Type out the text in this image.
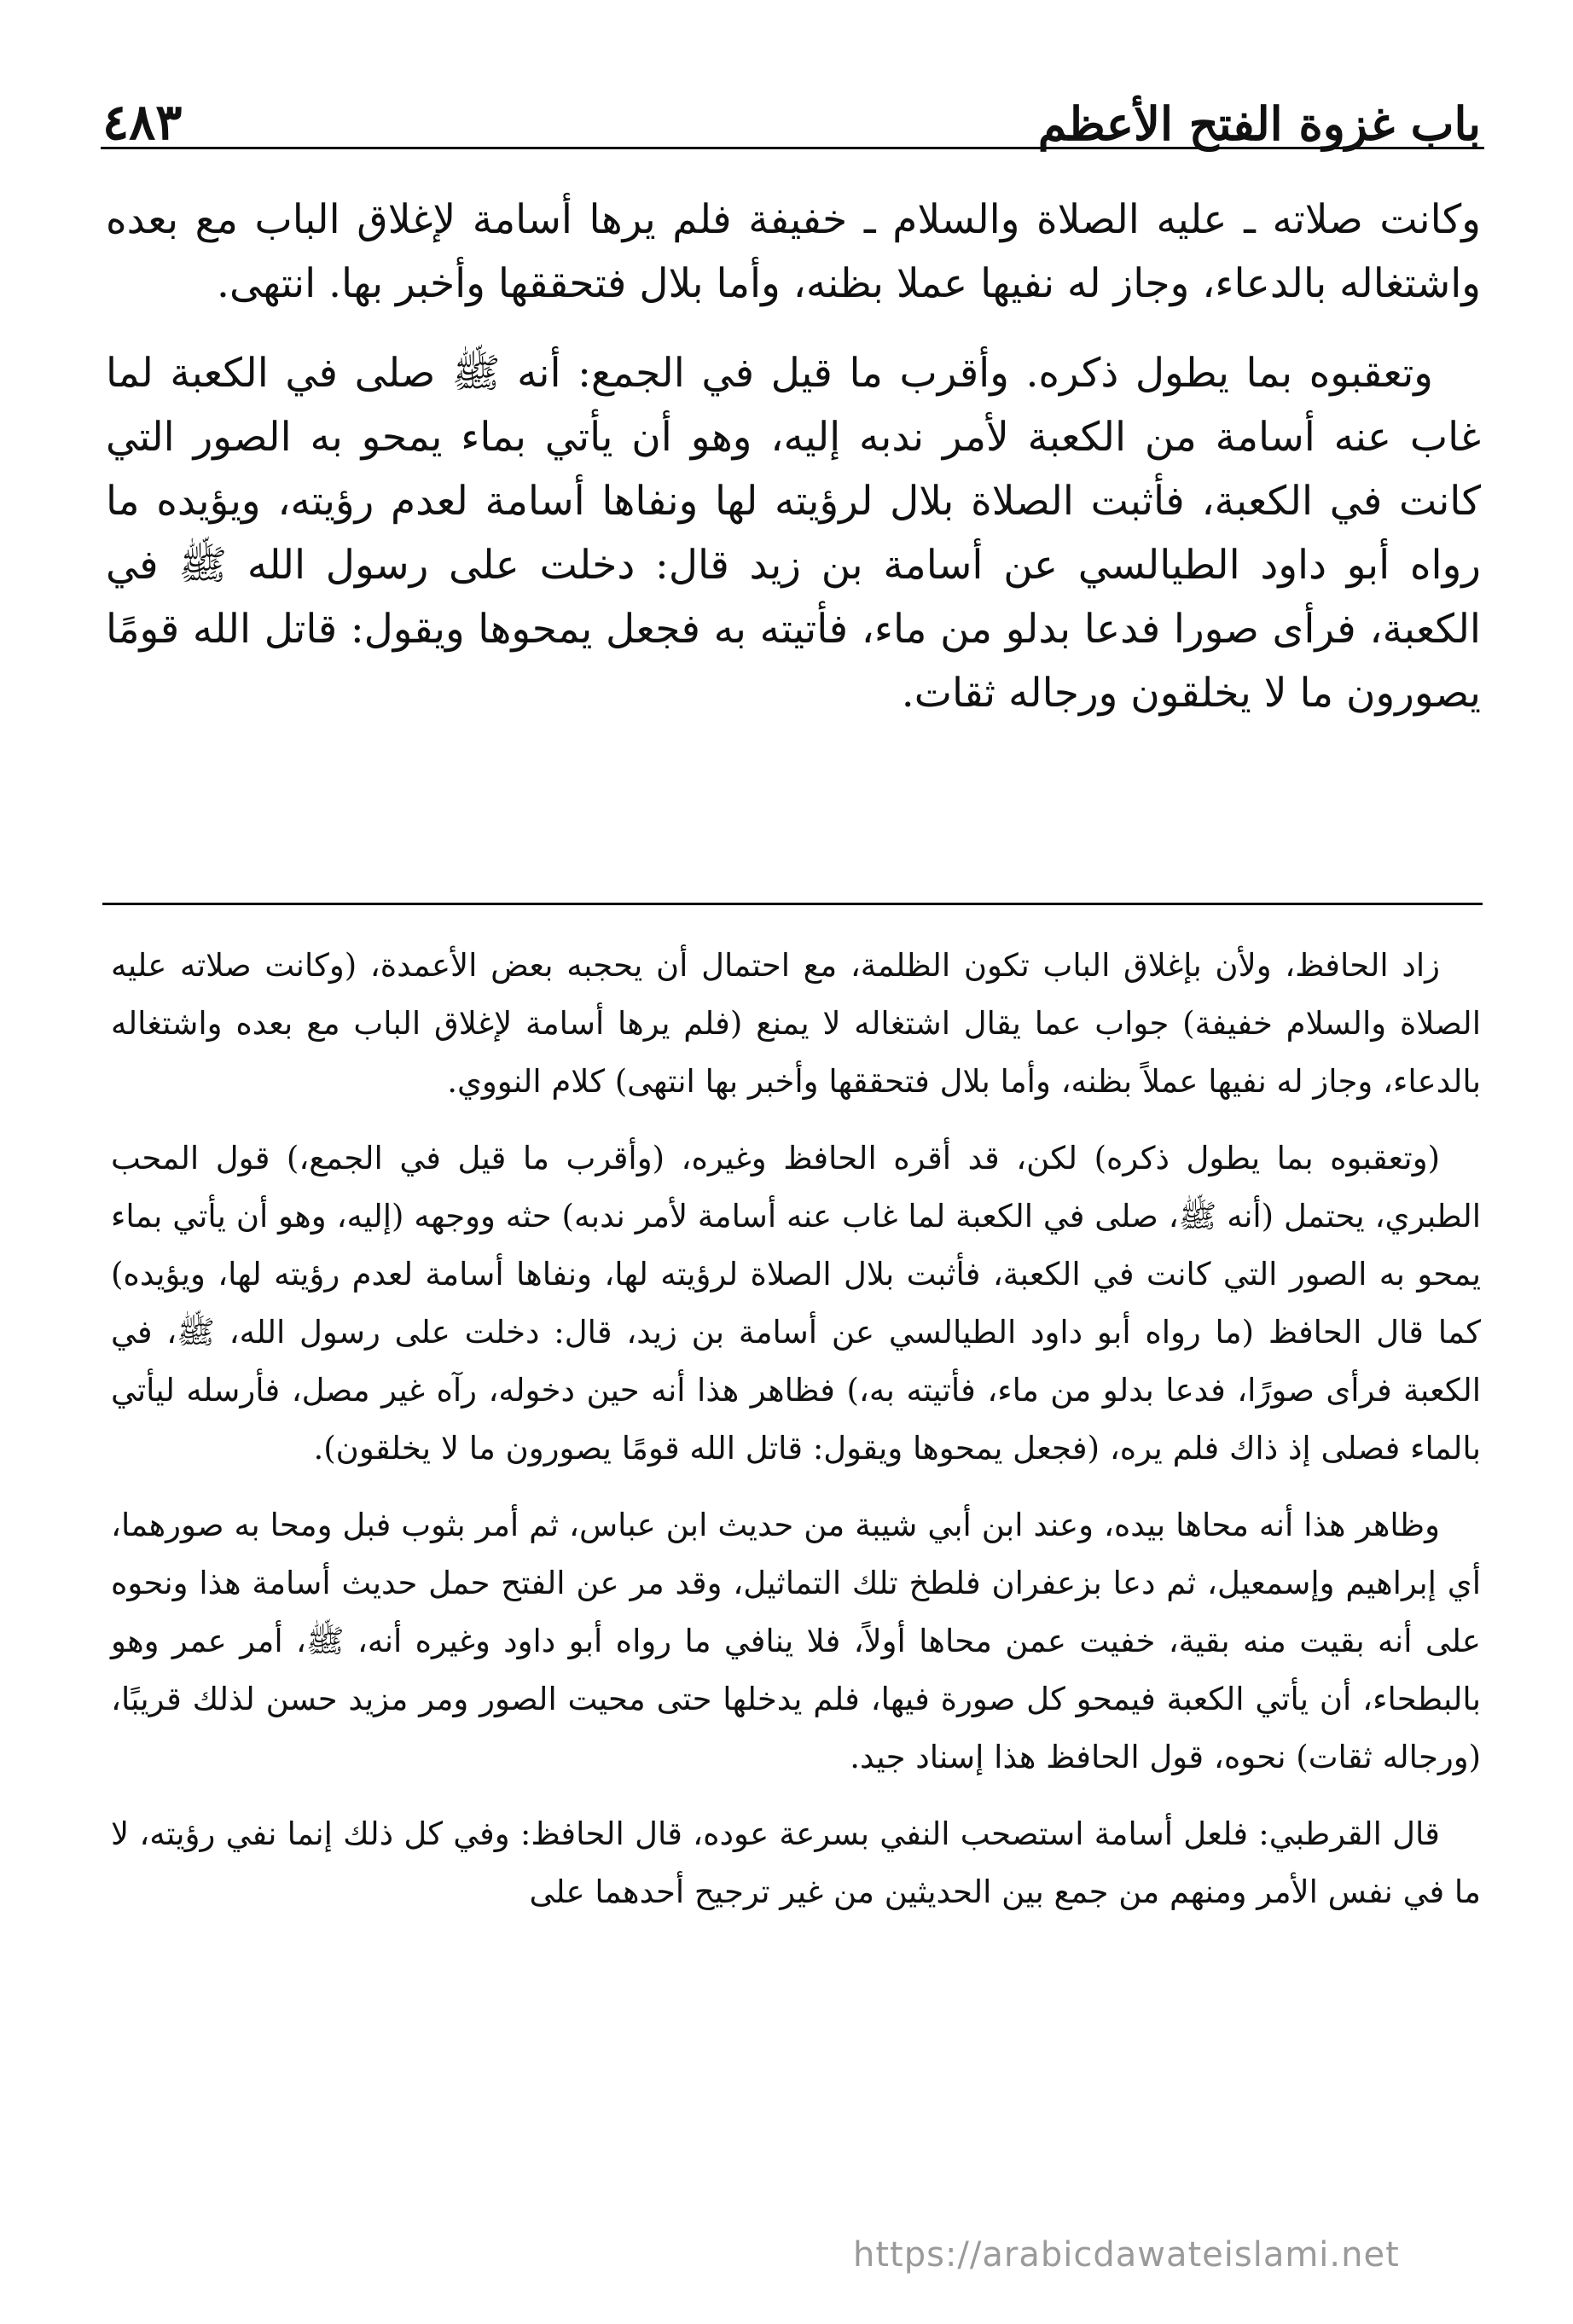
باب غزوة الفتح الأعظم
٤٨٣

وكانت صلاته ـ عليه الصلاة والسلام ـ خفيفة فلم يرها أسامة لإغلاق الباب مع بعده واشتغاله بالدعاء، وجاز له نفيها عملا بظنه، وأما بلال فتحققها وأخبر بها. انتهى.

وتعقبوه بما يطول ذكره. وأقرب ما قيل في الجمع: أنه ﷺ صلى في الكعبة لما غاب عنه أسامة من الكعبة لأمر ندبه إليه، وهو أن يأتي بماء يمحو به الصور التي كانت في الكعبة، فأثبت الصلاة بلال لرؤيته لها ونفاها أسامة لعدم رؤيته، ويؤيده ما رواه أبو داود الطيالسي عن أسامة بن زيد قال: دخلت على رسول الله ﷺ في الكعبة، فرأى صورا فدعا بدلو من ماء، فأتيته به فجعل يمحوها ويقول: قاتل الله قومًا يصورون ما لا يخلقون ورجاله ثقات.

زاد الحافظ، ولأن بإغلاق الباب تكون الظلمة، مع احتمال أن يحجبه بعض الأعمدة، (وكانت صلاته عليه الصلاة والسلام خفيفة) جواب عما يقال اشتغاله لا يمنع (فلم يرها أسامة لإغلاق الباب مع بعده واشتغاله بالدعاء، وجاز له نفيها عملاً بظنه، وأما بلال فتحققها وأخبر بها انتهى) كلام النووي.

(وتعقبوه بما يطول ذكره) لكن، قد أقره الحافظ وغيره، (وأقرب ما قيل في الجمع،) قول المحب الطبري، يحتمل (أنه ﷺ، صلى في الكعبة لما غاب عنه أسامة لأمر ندبه) حثه ووجهه (إليه، وهو أن يأتي بماء يمحو به الصور التي كانت في الكعبة، فأثبت بلال الصلاة لرؤيته لها، ونفاها أسامة لعدم رؤيته لها، ويؤيده) كما قال الحافظ (ما رواه أبو داود الطيالسي عن أسامة بن زيد، قال: دخلت على رسول الله، ﷺ، في الكعبة فرأى صورًا، فدعا بدلو من ماء، فأتيته به،) فظاهر هذا أنه حين دخوله، رآه غير مصل، فأرسله ليأتي بالماء فصلى إذ ذاك فلم يره، (فجعل يمحوها ويقول: قاتل الله قومًا يصورون ما لا يخلقون).

وظاهر هذا أنه محاها بيده، وعند ابن أبي شيبة من حديث ابن عباس، ثم أمر بثوب فبل ومحا به صورهما، أي إبراهيم وإسمعيل، ثم دعا بزعفران فلطخ تلك التماثيل، وقد مر عن الفتح حمل حديث أسامة هذا ونحوه على أنه بقيت منه بقية، خفيت عمن محاها أولاً، فلا ينافي ما رواه أبو داود وغيره أنه، ﷺ، أمر عمر وهو بالبطحاء، أن يأتي الكعبة فيمحو كل صورة فيها، فلم يدخلها حتى محيت الصور ومر مزيد حسن لذلك قريبًا، (ورجاله ثقات) نحوه، قول الحافظ هذا إسناد جيد.

قال القرطبي: فلعل أسامة استصحب النفي بسرعة عوده، قال الحافظ: وفي كل ذلك إنما نفي رؤيته، لا ما في نفس الأمر ومنهم من جمع بين الحديثين من غير ترجيح أحدهما على

https://arabicdawateislami.net
